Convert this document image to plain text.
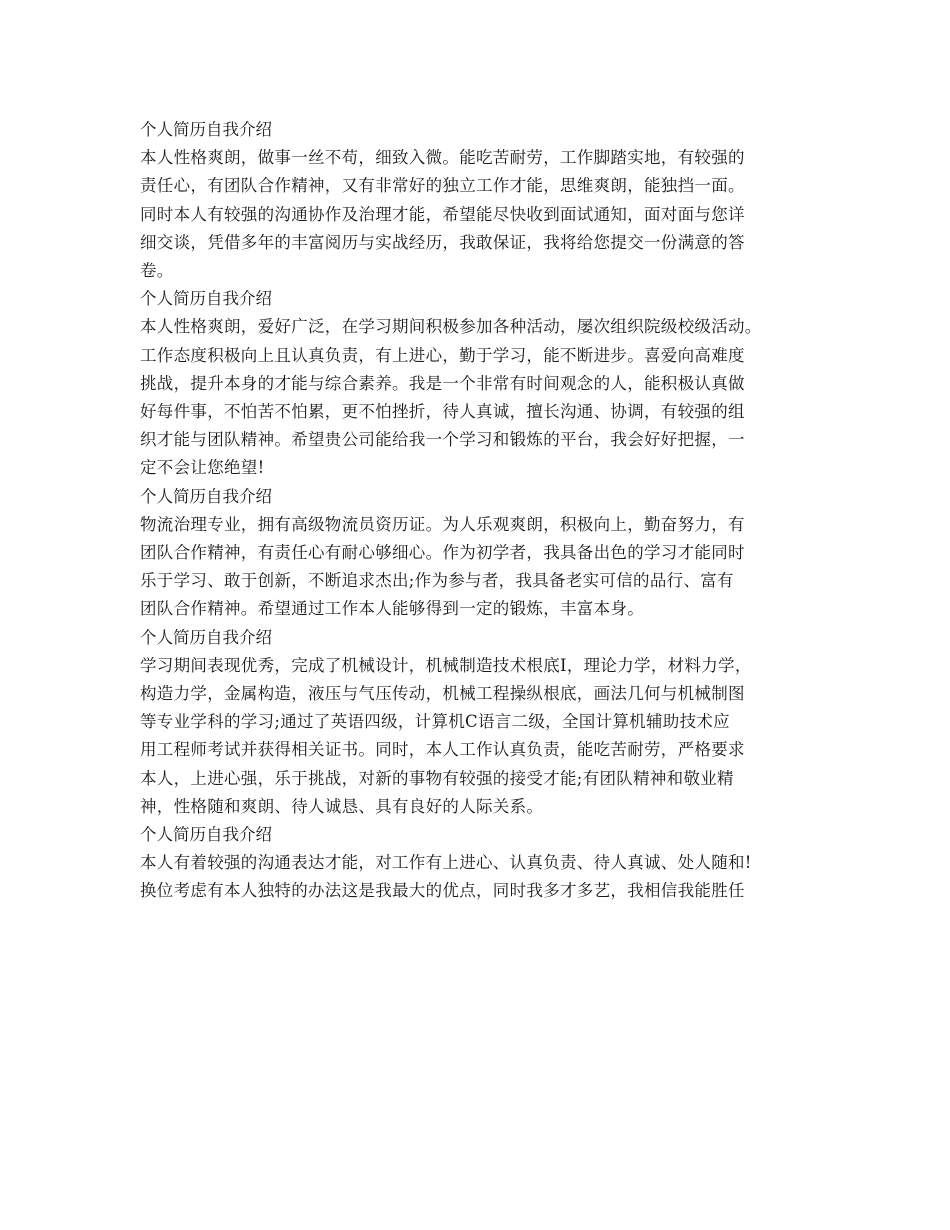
个人简历自我介绍

本人性格爽朗，做事一丝不苟，细致入微。能吃苦耐劳，工作脚踏实地，有较强的
责任心，有团队合作精神，又有非常好的独立工作才能，思维爽朗，能独挡一面。
同时本人有较强的沟通协作及治理才能，希望能尽快收到面试通知，面对面与您详
细交谈，凭借多年的丰富阅历与实战经历，我敢保证，我将给您提交一份满意的答
卷。

个人简历自我介绍

本人性格爽朗，爱好广泛，在学习期间积极参加各种活动，屡次组织院级校级活动。
工作态度积极向上且认真负责，有上进心，勤于学习，能不断进步。喜爱向高难度
挑战，提升本身的才能与综合素养。我是一个非常有时间观念的人，能积极认真做
好每件事，不怕苦不怕累，更不怕挫折，待人真诚，擅长沟通、协调，有较强的组
织才能与团队精神。希望贵公司能给我一个学习和锻炼的平台，我会好好把握，一
定不会让您绝望!

个人简历自我介绍

物流治理专业，拥有高级物流员资历证。为人乐观爽朗，积极向上，勤奋努力，有
团队合作精神，有责任心有耐心够细心。作为初学者，我具备出色的学习才能同时
乐于学习、敢于创新，不断追求杰出;作为参与者，我具备老实可信的品行、富有
团队合作精神。希望通过工作本人能够得到一定的锻炼，丰富本身。

个人简历自我介绍

学习期间表现优秀，完成了机械设计，机械制造技术根底Ⅰ，理论力学，材料力学，
构造力学，金属构造，液压与气压传动，机械工程操纵根底，画法几何与机械制图
等专业学科的学习;通过了英语四级，计算机C语言二级，全国计算机辅助技术应
用工程师考试并获得相关证书。同时，本人工作认真负责，能吃苦耐劳，严格要求
本人，上进心强，乐于挑战，对新的事物有较强的接受才能;有团队精神和敬业精
神，性格随和爽朗、待人诚恳、具有良好的人际关系。

个人简历自我介绍

本人有着较强的沟通表达才能，对工作有上进心、认真负责、待人真诚、处人随和!
换位考虑有本人独特的办法这是我最大的优点，同时我多才多艺，我相信我能胜任
